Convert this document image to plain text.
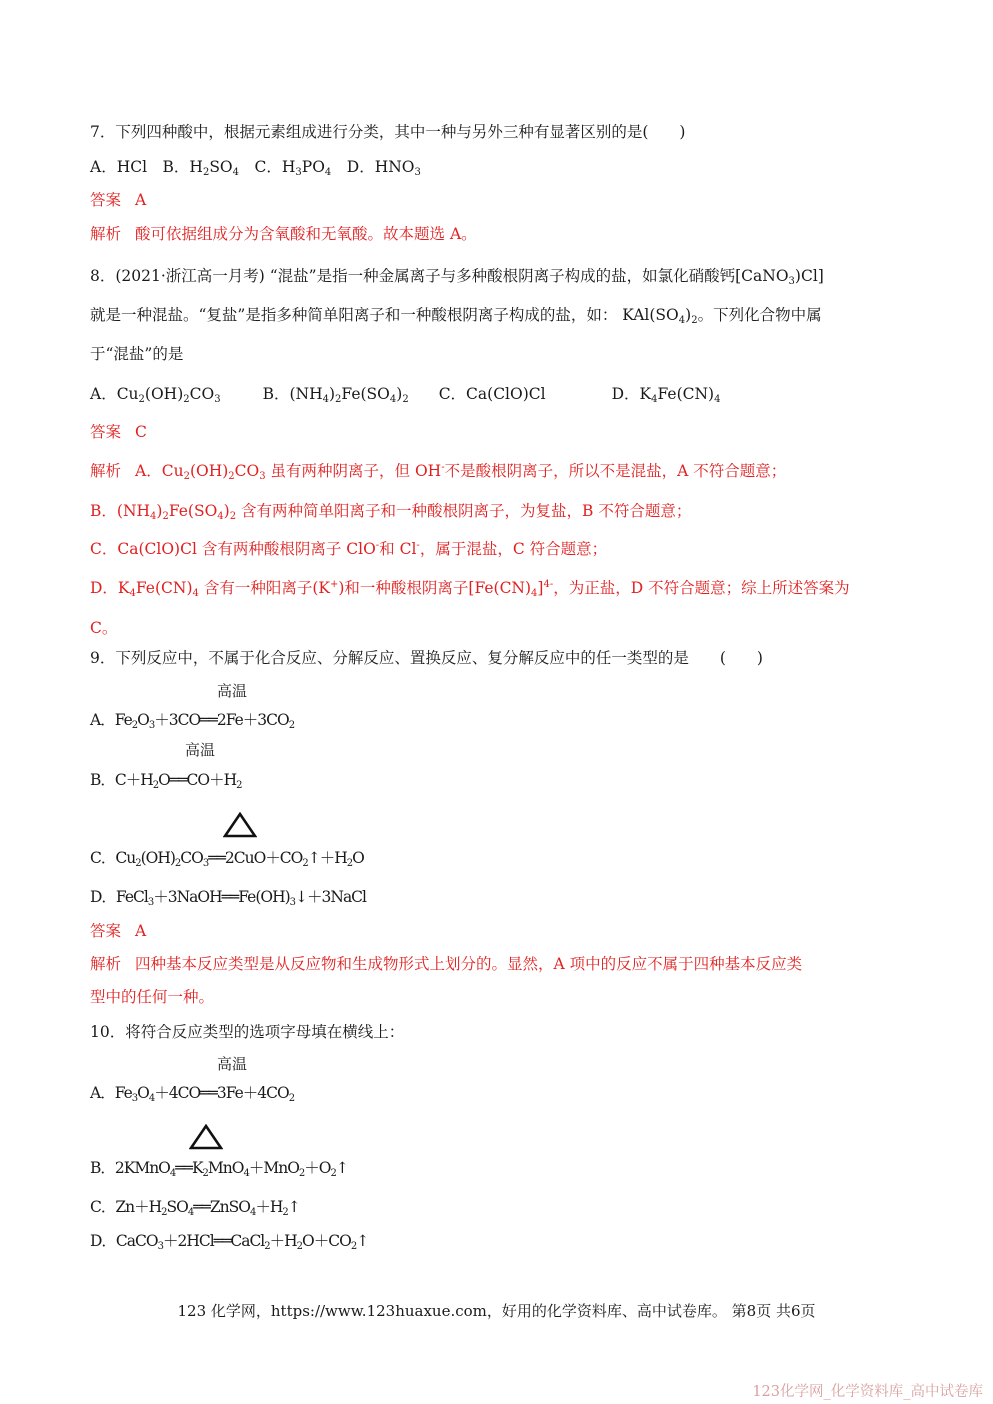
7．下列四种酸中，根据元素组成进行分类，其中一种与另外三种有显著区别的是(　　)
A．HCl　B．$H_2SO_4$　C．$H_3PO_4$　D．$HNO_3$
答案 A
解析 酸可依据组成分为含氧酸和无氧酸。故本题选 A。
8．(2021·浙江高一月考) “混盐”是指一种金属离子与多种酸根阴离子构成的盐，如氯化硝酸钙[CaNO$_3$)Cl]
就是一种混盐。“复盐”是指多种简单阳离子和一种酸根阴离子构成的盐，如： $KAl(SO_4)_2$。下列化合物中属
于“混盐”的是
A．$Cu_2(OH)_2CO_3$	B．$(NH_4)_2Fe(SO_4)_2$ C．Ca(ClO)Cl	D．$K_4Fe(CN)_4$
答案 C
解析 A．$Cu_2(OH)_2CO_3$ 虽有两种阴离子，但 OH-不是酸根阴离子，所以不是混盐，A 不符合题意；
B．$(NH_4)_2Fe(SO_4)_2$ 含有两种简单阳离子和一种酸根阴离子，为复盐，B 不符合题意；
C．Ca(ClO)Cl 含有两种酸根阴离子 ClO-和 Cl-，属于混盐，C 符合题意；
D．$K_4Fe(CN)_4$ 含有一种阳离子(K+)和一种酸根阴离子$[Fe(CN)_4]^{4-}$，为正盐，D 不符合题意；综上所述答案为
C。
9．下列反应中，不属于化合反应、分解反应、置换反应、复分解反应中的任一类型的是　　(　　)
高温
A．$Fe_2O_3+3CO══2Fe+3CO_2$
高温
B．$C+H_2O══CO+H_2$
C．$Cu_2(OH)_2CO_3══2CuO+CO_2↑+H_2O$
D．$FeCl_3+3NaOH══Fe(OH)_3↓+3NaCl$
答案 A
解析 四种基本反应类型是从反应物和生成物形式上划分的。显然，A 项中的反应不属于四种基本反应类
型中的任何一种。
10．将符合反应类型的选项字母填在横线上：
高温
A．$Fe_3O_4+4CO══3Fe+4CO_2$
B．$2KMnO_4══K_2MnO_4+MnO_2+O_2↑$
C．$Zn+H_2SO_4══ZnSO_4+H_2↑$
D．$CaCO_3+2HCl══CaCl_2+H_2O+CO_2↑$
123 化学网，https://www.123huaxue.com，好用的化学资料库、高中试卷库。 第8页 共6页
123化学网_化学资料库_高中试卷库
